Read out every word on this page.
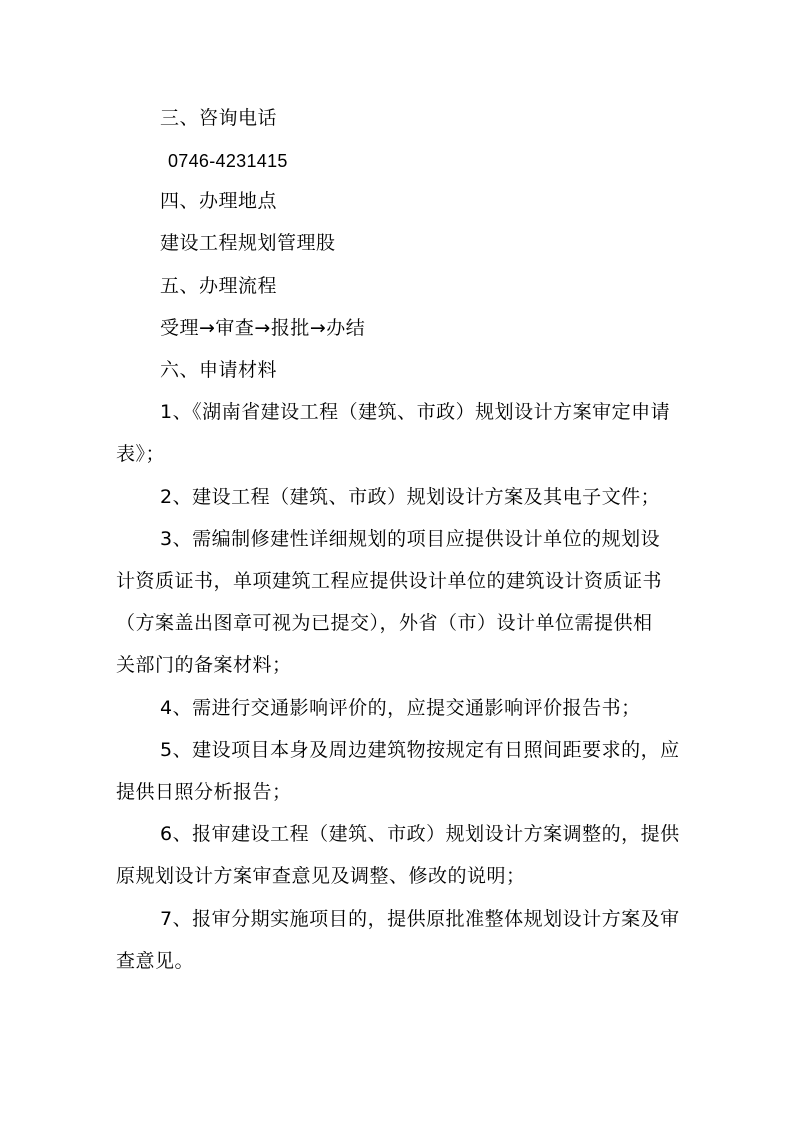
三、咨询电话
0746-4231415
四、办理地点
建设工程规划管理股
五、办理流程
受理→审查→报批→办结
六、申请材料
1、《湖南省建设工程（建筑、市政）规划设计方案审定申请
表》；
2、建设工程（建筑、市政）规划设计方案及其电子文件；
3、需编制修建性详细规划的项目应提供设计单位的规划设
计资质证书，单项建筑工程应提供设计单位的建筑设计资质证书
（方案盖出图章可视为已提交），外省（市）设计单位需提供相
关部门的备案材料；
4、需进行交通影响评价的，应提交通影响评价报告书；
5、建设项目本身及周边建筑物按规定有日照间距要求的，应
提供日照分析报告；
6、报审建设工程（建筑、市政）规划设计方案调整的，提供
原规划设计方案审查意见及调整、修改的说明；
7、报审分期实施项目的，提供原批准整体规划设计方案及审
查意见。
